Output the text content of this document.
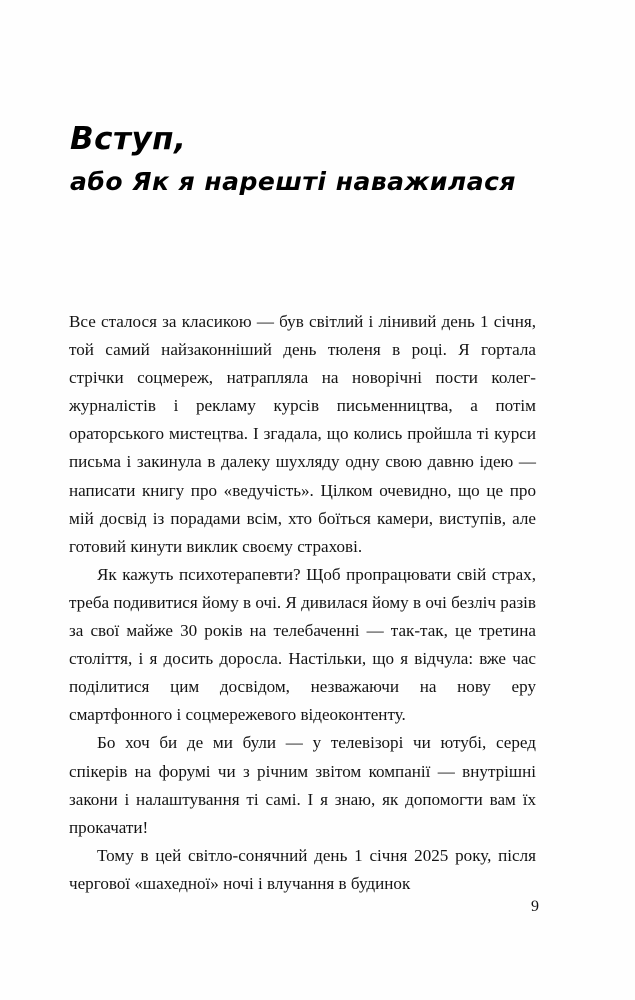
Вступ,
або Як я нарешті наважилася

Все сталося за класикою — був світлий і лінивий день 1 січня, той самий найзаконніший день тюленя в році. Я гортала стрічки соцмереж, натрапляла на новорічні пости колег-журналістів і рекламу курсів письменництва, а потім ораторського мистецтва. І згадала, що колись пройшла ті курси письма і закинула в далеку шухляду одну свою давню ідею — написати книгу про «ведучість». Цілком очевидно, що це про мій досвід із порадами всім, хто боїться камери, виступів, але готовий кинути виклик своєму страхові.

Як кажуть психотерапевти? Щоб пропрацювати свій страх, треба подивитися йому в очі. Я дивилася йому в очі безліч разів за свої майже 30 років на телебаченні — так-так, це третина століття, і я досить доросла. Настільки, що я відчула: вже час поділитися цим досвідом, незважаючи на нову еру смартфонного і соцмережевого відеоконтенту.

Бо хоч би де ми були — у телевізорі чи ютубі, серед спікерів на форумі чи з річним звітом компанії — внутрішні закони і налаштування ті самі. І я знаю, як допомогти вам їх прокачати!

Тому в цей світло-сонячний день 1 січня 2025 року, після чергової «шахедної» ночі і влучання в будинок

9
